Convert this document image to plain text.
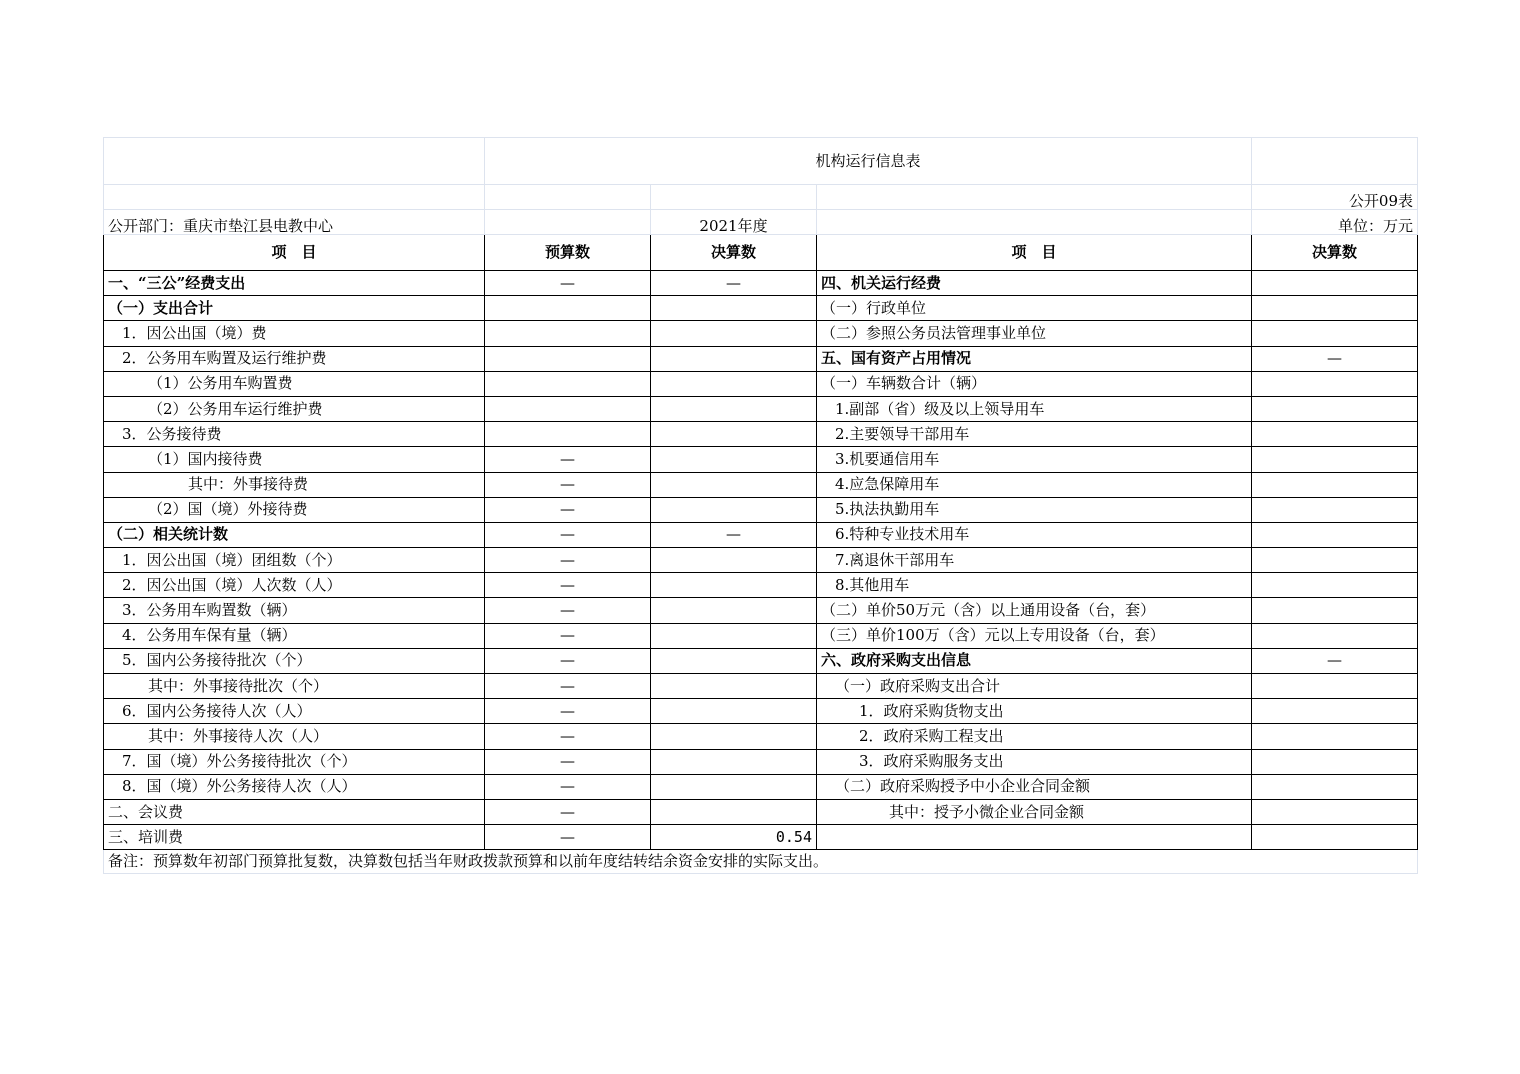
	机构运行信息表			
				公开09表
公开部门：重庆市垫江县电教中心		2021年度		单位：万元
项　目	预算数	决算数	项　目	决算数
一、“三公”经费支出	—	—	四、机关运行经费	
（一）支出合计			（一）行政单位	
1．因公出国（境）费			（二）参照公务员法管理事业单位	
2．公务用车购置及运行维护费			五、国有资产占用情况	—
（1）公务用车购置费			（一）车辆数合计（辆）	
（2）公务用车运行维护费			1.副部（省）级及以上领导用车	
3．公务接待费			2.主要领导干部用车	
（1）国内接待费	—		3.机要通信用车	
其中：外事接待费	—		4.应急保障用车	
（2）国（境）外接待费	—		5.执法执勤用车	
（二）相关统计数	—	—	6.特种专业技术用车	
1．因公出国（境）团组数（个）	—		7.离退休干部用车	
2．因公出国（境）人次数（人）	—		8.其他用车	
3．公务用车购置数（辆）	—		（二）单价50万元（含）以上通用设备（台，套）	
4．公务用车保有量（辆）	—		（三）单价100万（含）元以上专用设备（台，套）	
5．国内公务接待批次（个）	—		六、政府采购支出信息	—
其中：外事接待批次（个）	—		（一）政府采购支出合计	
6．国内公务接待人次（人）	—		1．政府采购货物支出	
其中：外事接待人次（人）	—		2．政府采购工程支出	
7．国（境）外公务接待批次（个）	—		3．政府采购服务支出	
8．国（境）外公务接待人次（人）	—		（二）政府采购授予中小企业合同金额	
二、会议费	—		其中：授予小微企业合同金额	
三、培训费	—	0.54		
备注：预算数年初部门预算批复数，决算数包括当年财政拨款预算和以前年度结转结余资金安排的实际支出。				
